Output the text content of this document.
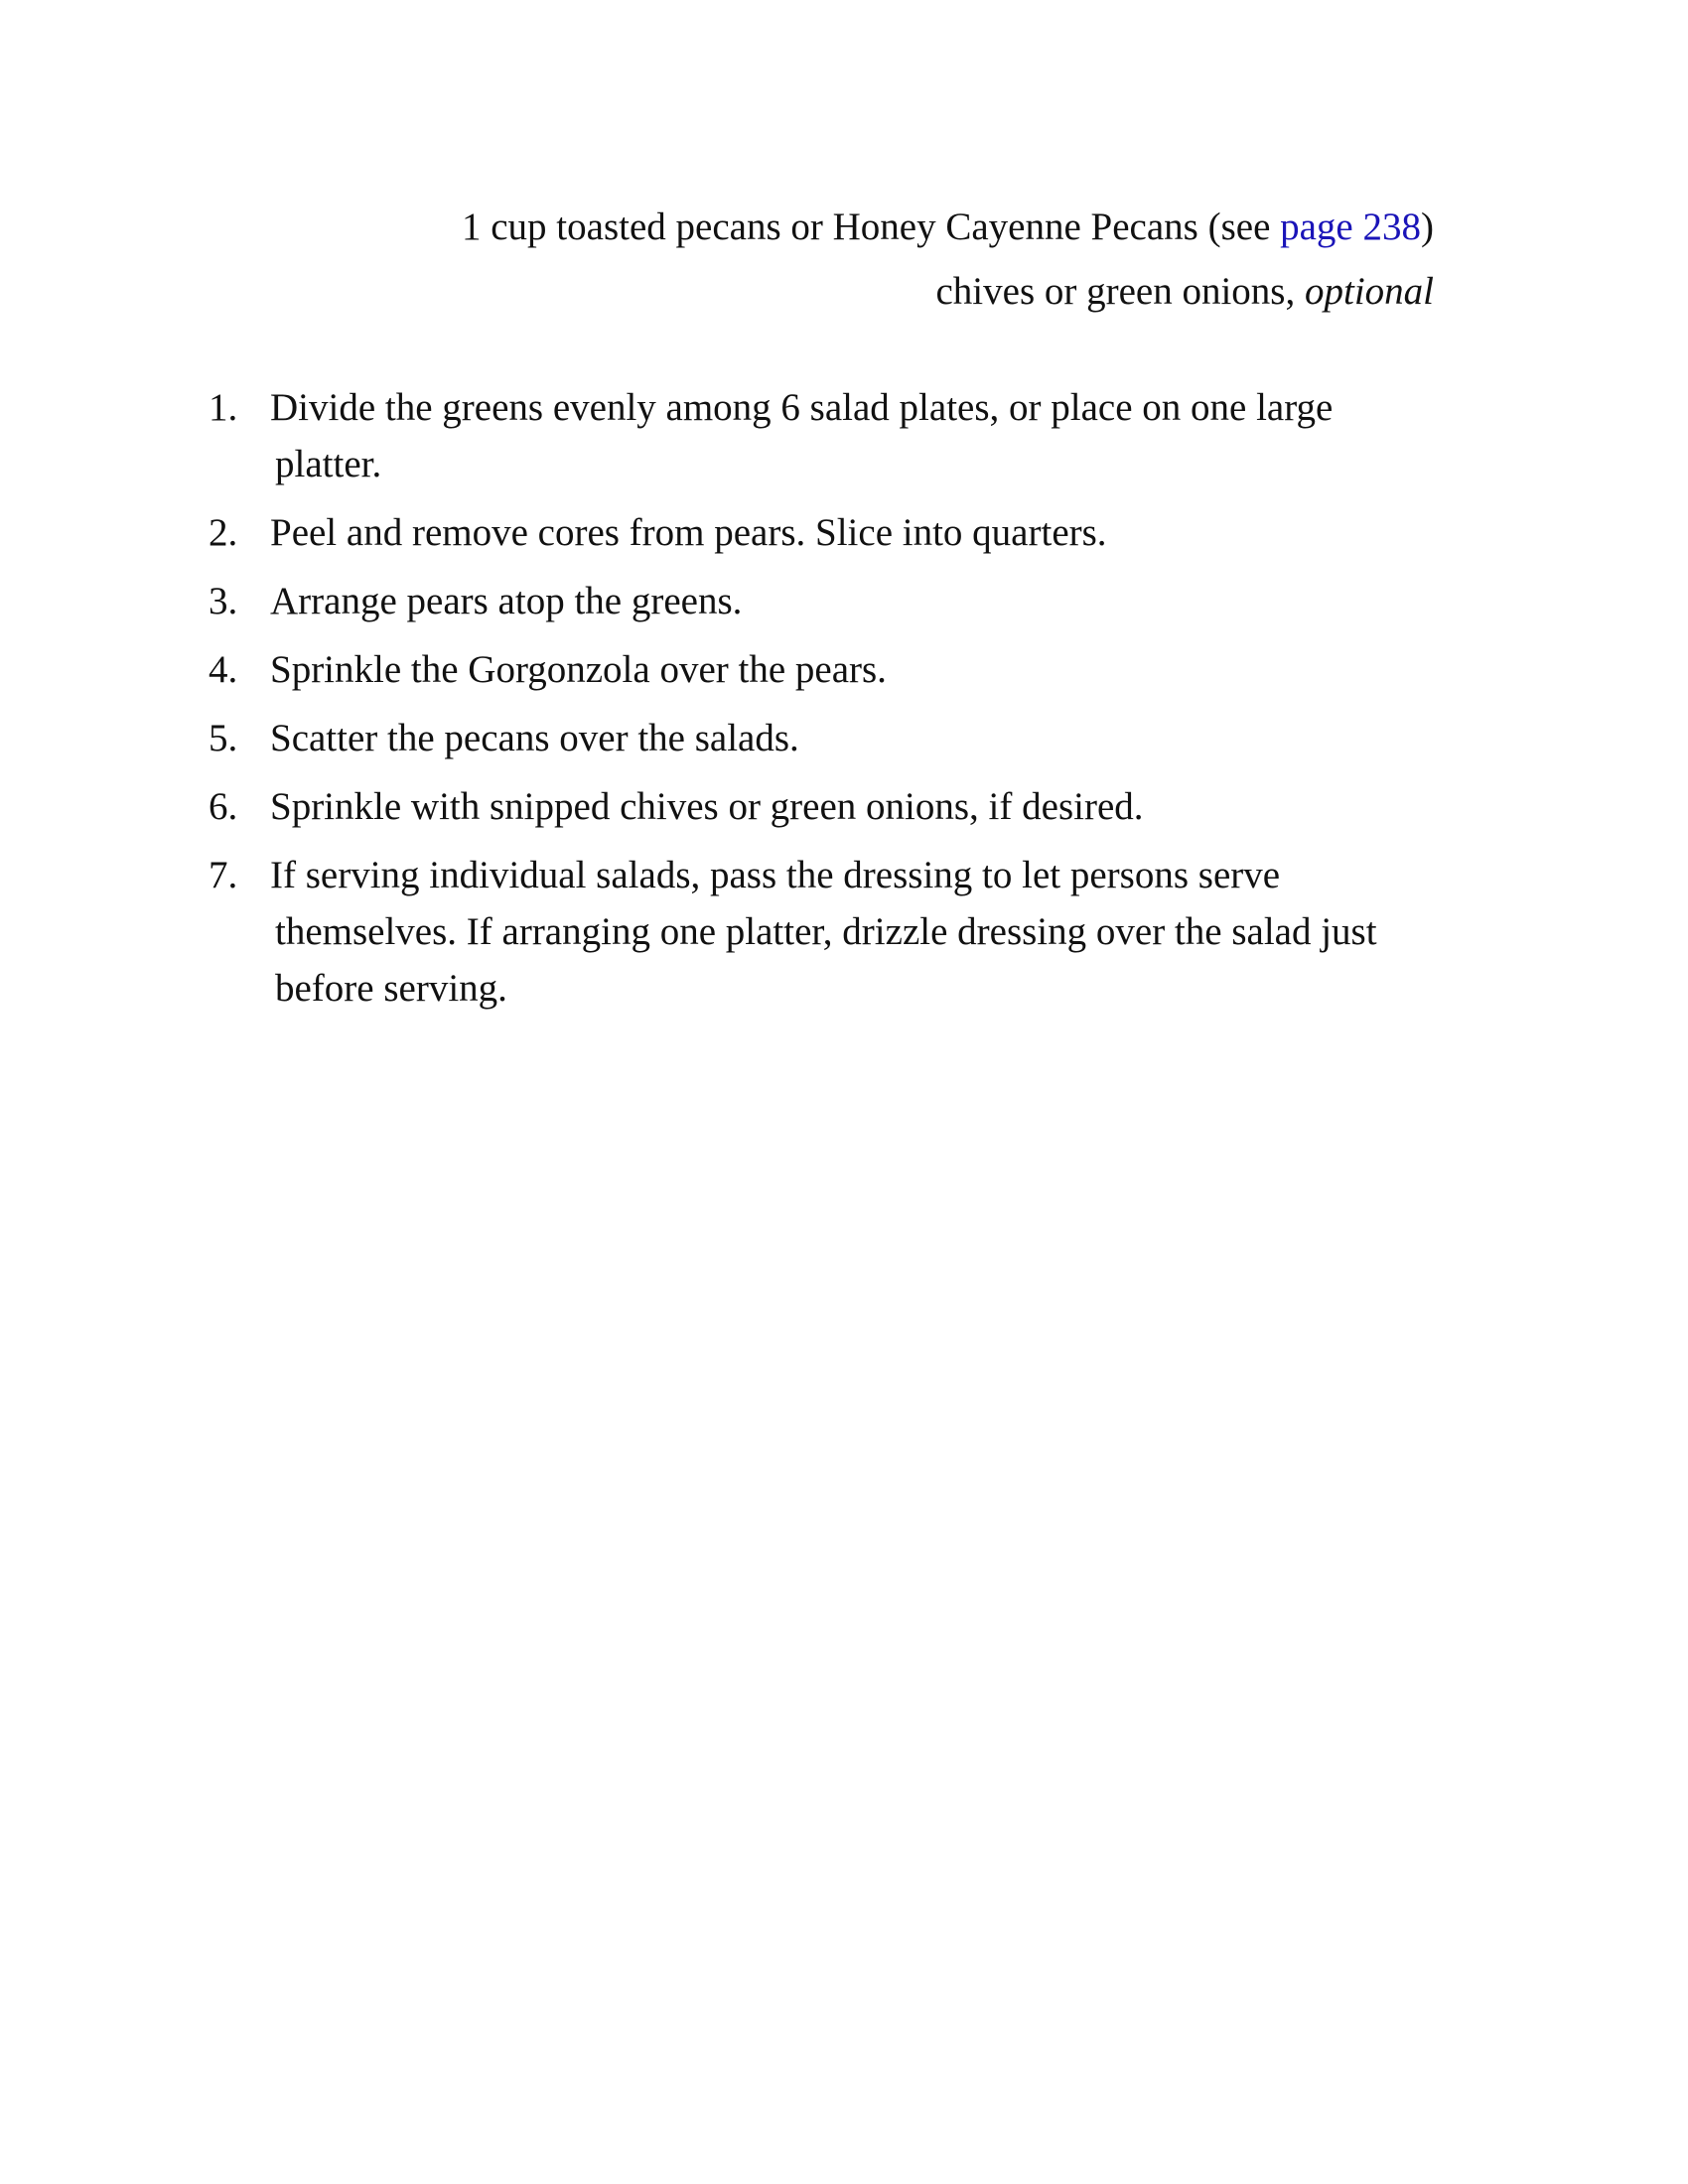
1 cup toasted pecans or Honey Cayenne Pecans (see page 238)
chives or green onions, optional
1. Divide the greens evenly among 6 salad plates, or place on one large
platter.
2. Peel and remove cores from pears. Slice into quarters.
3. Arrange pears atop the greens.
4. Sprinkle the Gorgonzola over the pears.
5. Scatter the pecans over the salads.
6. Sprinkle with snipped chives or green onions, if desired.
7. If serving individual salads, pass the dressing to let persons serve
themselves. If arranging one platter, drizzle dressing over the salad just
before serving.
